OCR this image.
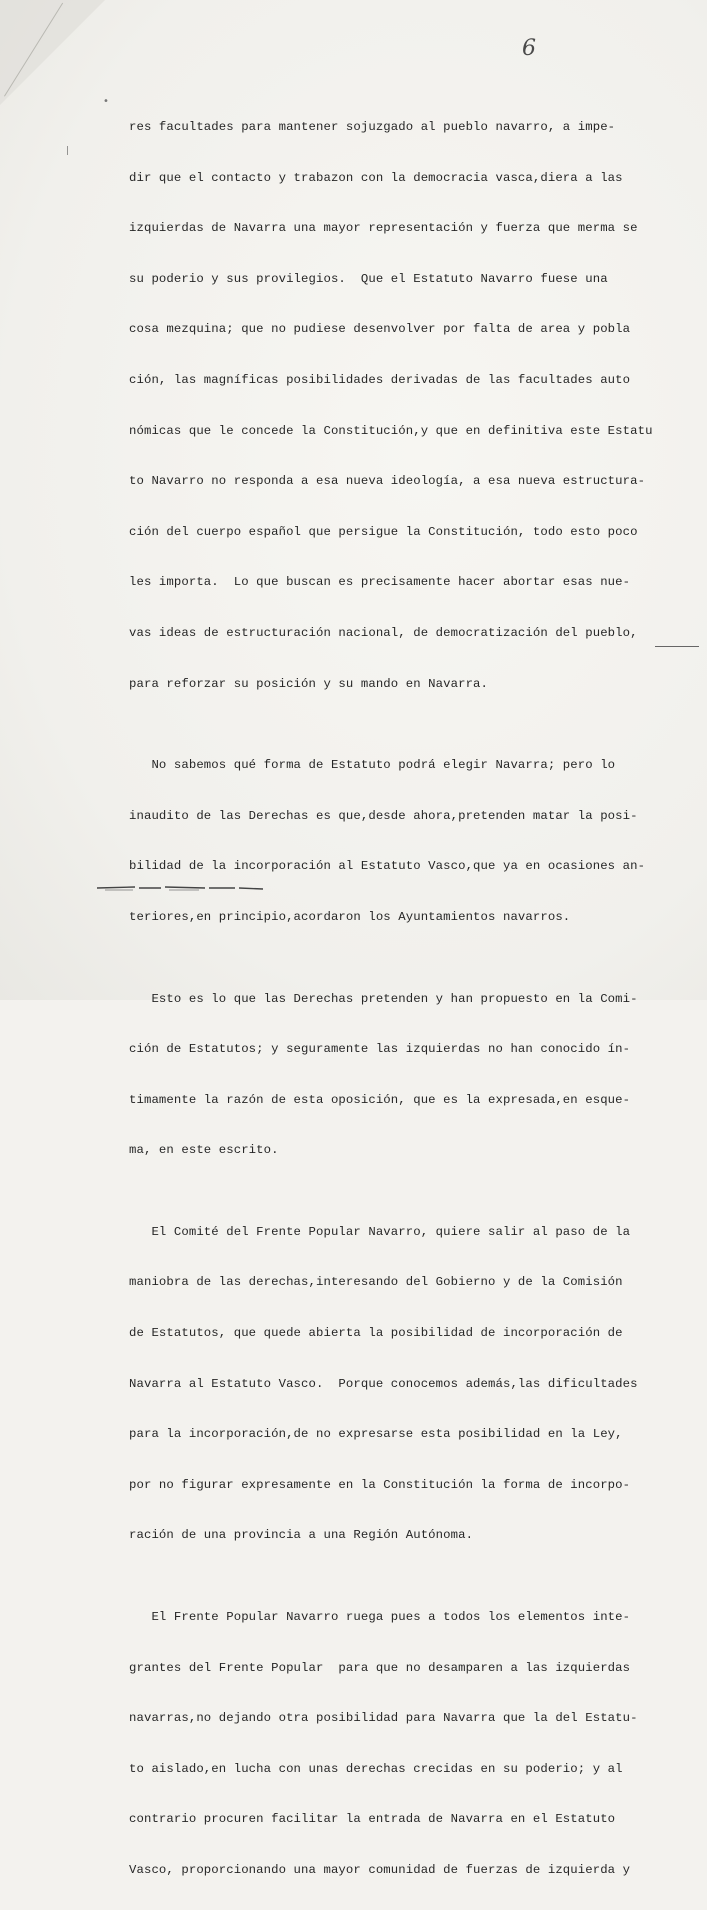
6
•
|

res facultades para mantener sojuzgado al pueblo navarro, a impe-

dir que el contacto y trabazon con la democracia vasca,diera a las

izquierdas de Navarra una mayor representación y fuerza que merma se

su poderio y sus provilegios.  Que el Estatuto Navarro fuese una

cosa mezquina; que no pudiese desenvolver por falta de area y pobla

ción, las magníficas posibilidades derivadas de las facultades auto

nómicas que le concede la Constitución,y que en definitiva este Estatu

to Navarro no responda a esa nueva ideología, a esa nueva estructura-

ción del cuerpo español que persigue la Constitución, todo esto poco

les importa.  Lo que buscan es precisamente hacer abortar esas nue-

vas ideas de estructuración nacional, de democratización del pueblo,

para reforzar su posición y su mando en Navarra.

No sabemos qué forma de Estatuto podrá elegir Navarra; pero lo

inaudito de las Derechas es que,desde ahora,pretenden matar la posi-

bilidad de la incorporación al Estatuto Vasco,que ya en ocasiones an-

teriores,en principio,acordaron los Ayuntamientos navarros.

Esto es lo que las Derechas pretenden y han propuesto en la Comi-

ción de Estatutos; y seguramente las izquierdas no han conocido ín-

timamente la razón de esta oposición, que es la expresada,en esque-

ma, en este escrito.

El Comité del Frente Popular Navarro, quiere salir al paso de la

maniobra de las derechas,interesando del Gobierno y de la Comisión

de Estatutos, que quede abierta la posibilidad de incorporación de

Navarra al Estatuto Vasco.  Porque conocemos además,las dificultades

para la incorporación,de no expresarse esta posibilidad en la Ley,

por no figurar expresamente en la Constitución la forma de incorpo-

ración de una provincia a una Región Autónoma.

El Frente Popular Navarro ruega pues a todos los elementos inte-

grantes del Frente Popular  para que no desamparen a las izquierdas

navarras,no dejando otra posibilidad para Navarra que la del Estatu-

to aislado,en lucha con unas derechas crecidas en su poderio; y al

contrario procuren facilitar la entrada de Navarra en el Estatuto

Vasco, proporcionando una mayor comunidad de fuerzas de izquierda y
